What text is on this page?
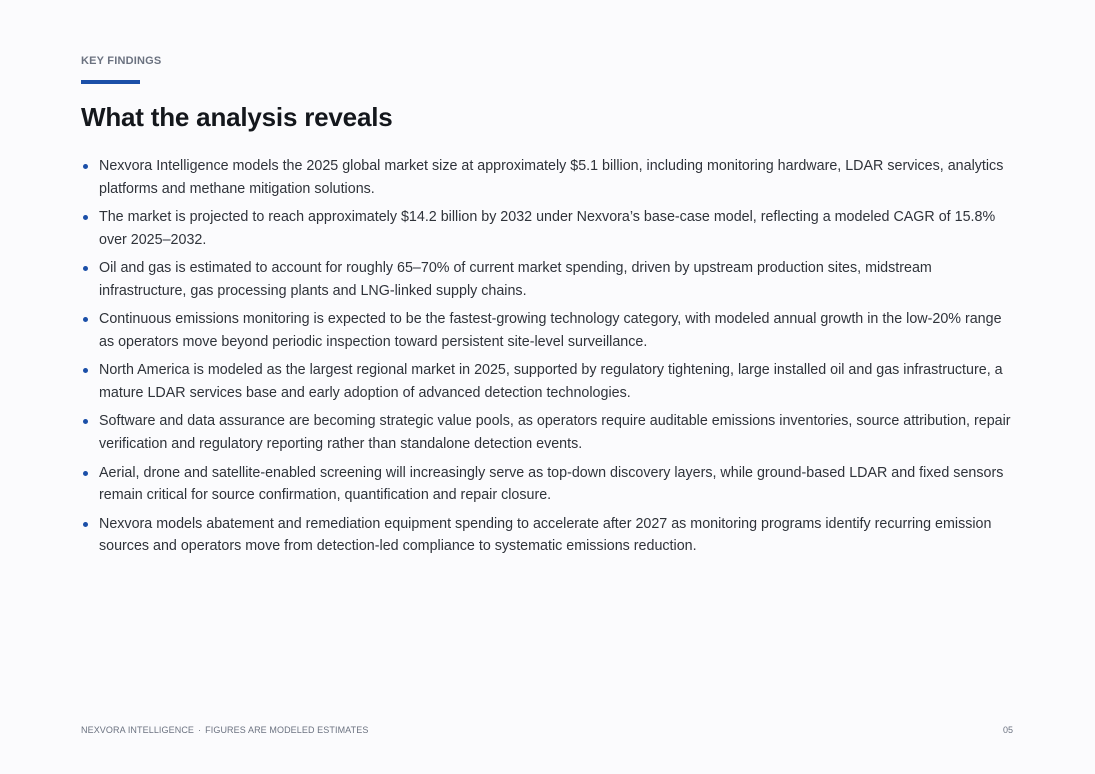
KEY FINDINGS
What the analysis reveals
Nexvora Intelligence models the 2025 global market size at approximately $5.1 billion, including monitoring hardware, LDAR services, analytics platforms and methane mitigation solutions.
The market is projected to reach approximately $14.2 billion by 2032 under Nexvora’s base-case model, reflecting a modeled CAGR of 15.8% over 2025–2032.
Oil and gas is estimated to account for roughly 65–70% of current market spending, driven by upstream production sites, midstream infrastructure, gas processing plants and LNG-linked supply chains.
Continuous emissions monitoring is expected to be the fastest-growing technology category, with modeled annual growth in the low-20% range as operators move beyond periodic inspection toward persistent site-level surveillance.
North America is modeled as the largest regional market in 2025, supported by regulatory tightening, large installed oil and gas infrastructure, a mature LDAR services base and early adoption of advanced detection technologies.
Software and data assurance are becoming strategic value pools, as operators require auditable emissions inventories, source attribution, repair verification and regulatory reporting rather than standalone detection events.
Aerial, drone and satellite-enabled screening will increasingly serve as top-down discovery layers, while ground-based LDAR and fixed sensors remain critical for source confirmation, quantification and repair closure.
Nexvora models abatement and remediation equipment spending to accelerate after 2027 as monitoring programs identify recurring emission sources and operators move from detection-led compliance to systematic emissions reduction.
NEXVORA INTELLIGENCE · FIGURES ARE MODELED ESTIMATES	05
